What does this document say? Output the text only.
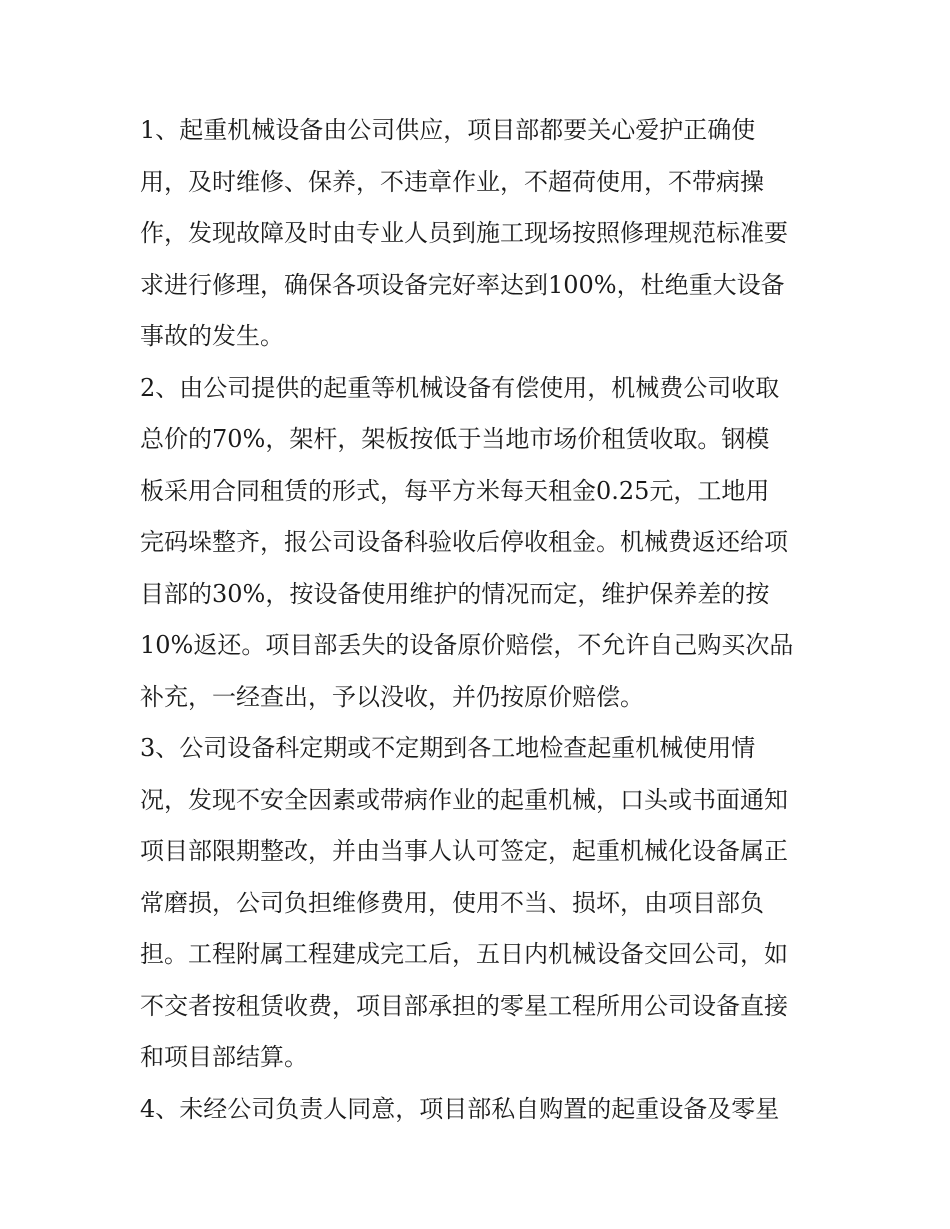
1、起重机械设备由公司供应，项目部都要关心爱护正确使
用，及时维修、保养，不违章作业，不超荷使用，不带病操
作，发现故障及时由专业人员到施工现场按照修理规范标准要
求进行修理，确保各项设备完好率达到100%，杜绝重大设备
事故的发生。
2、由公司提供的起重等机械设备有偿使用，机械费公司收取
总价的70%，架杆，架板按低于当地市场价租赁收取。钢模
板采用合同租赁的形式，每平方米每天租金0.25元，工地用
完码垛整齐，报公司设备科验收后停收租金。机械费返还给项
目部的30%，按设备使用维护的情况而定，维护保养差的按
10%返还。项目部丢失的设备原价赔偿，不允许自己购买次品
补充，一经查出，予以没收，并仍按原价赔偿。
3、公司设备科定期或不定期到各工地检查起重机械使用情
况，发现不安全因素或带病作业的起重机械，口头或书面通知
项目部限期整改，并由当事人认可签定，起重机械化设备属正
常磨损，公司负担维修费用，使用不当、损坏，由项目部负
担。工程附属工程建成完工后，五日内机械设备交回公司，如
不交者按租赁收费，项目部承担的零星工程所用公司设备直接
和项目部结算。
4、未经公司负责人同意，项目部私自购置的起重设备及零星
